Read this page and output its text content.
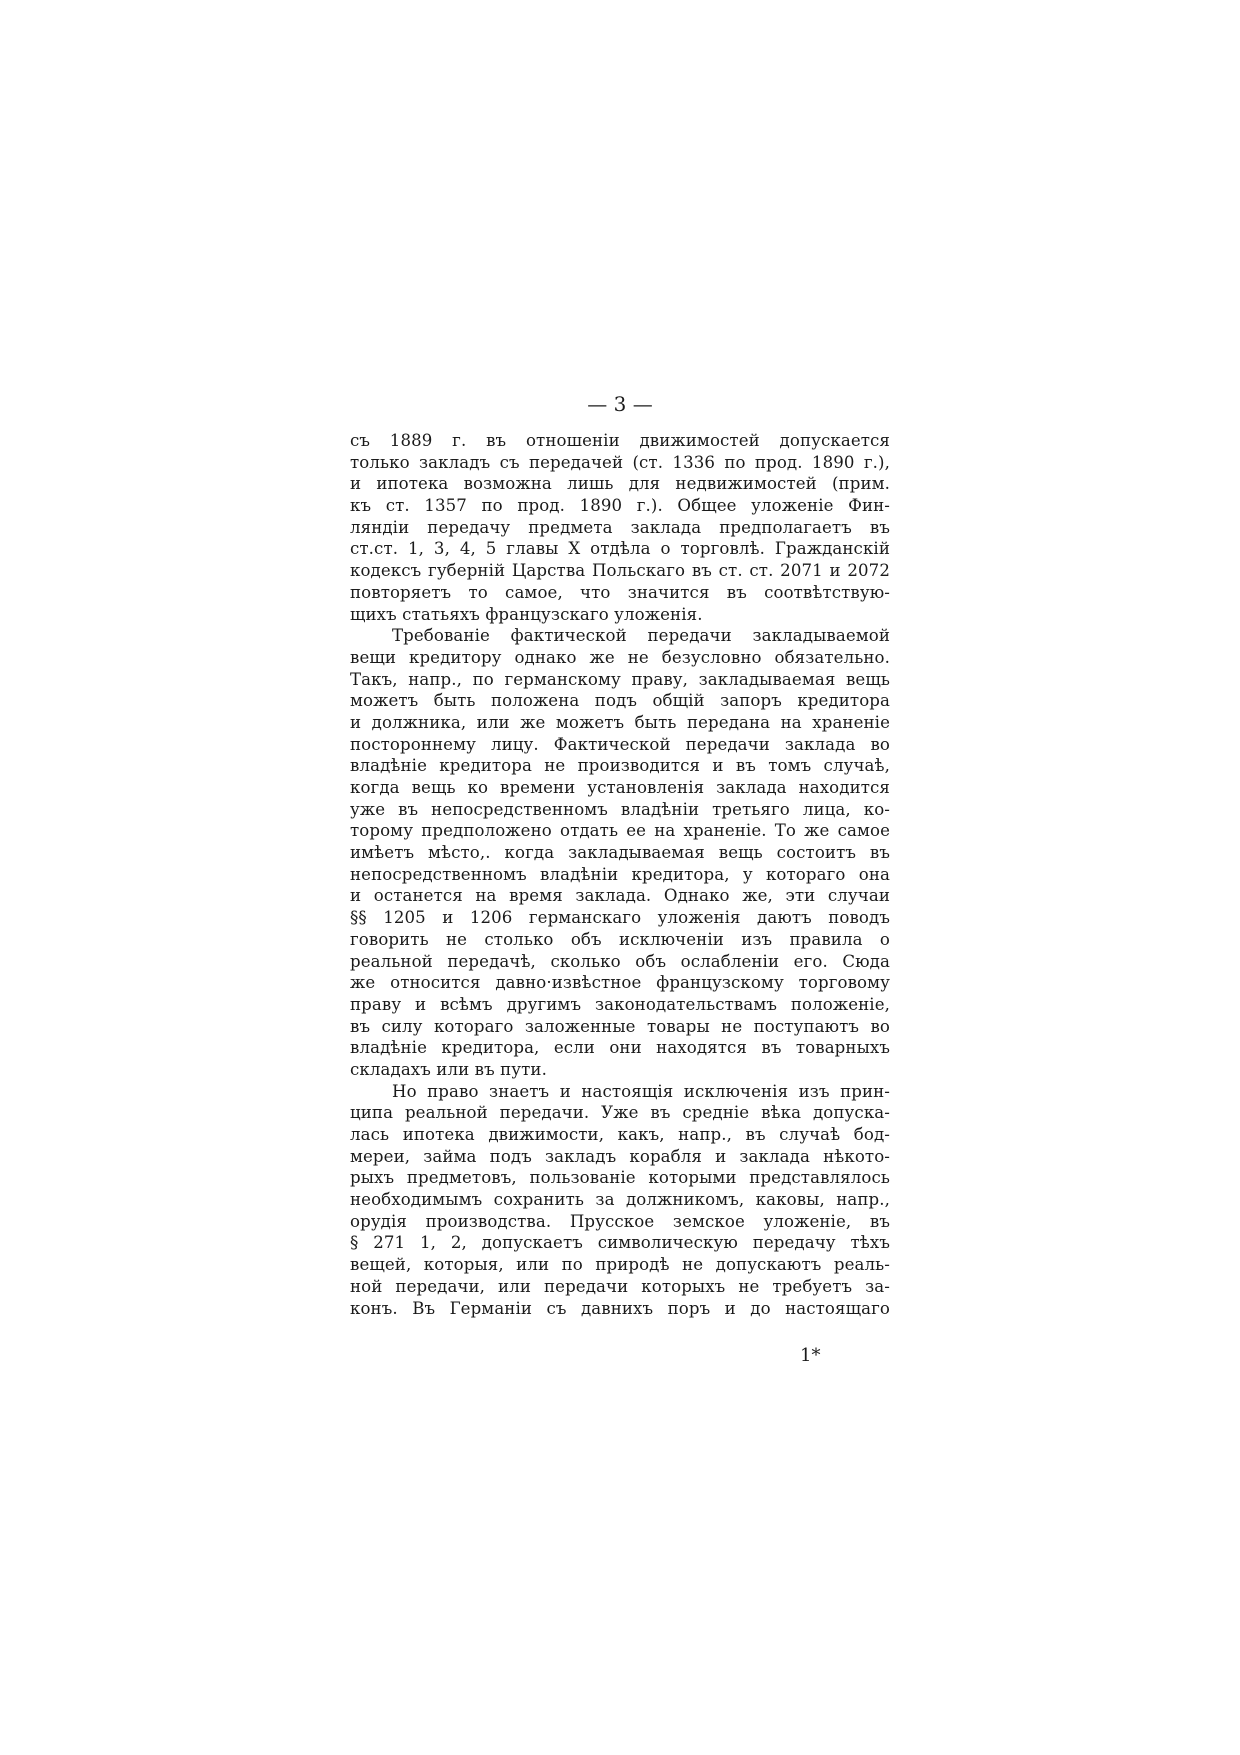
— 3 —
съ 1889 г. въ отношеніи движимостей допускается
только закладъ съ передачей (ст. 1336 по прод. 1890 г.),
и ипотека возможна лишь для недвижимостей (прим.
къ ст. 1357 по прод. 1890 г.). Общее уложеніе Фин-
ляндіи передачу предмета заклада предполагаетъ въ
ст.ст. 1, 3, 4, 5 главы X отдѣла о торговлѣ. Гражданскій
кодексъ губерній Царства Польскаго въ ст. ст. 2071 и 2072
повторяетъ то самое, что значится въ соотвѣтствую-
щихъ статьяхъ французскаго уложенія.
Требованіе фактической передачи закладываемой
вещи кредитору однако же не безусловно обязательно.
Такъ, напр., по германскому праву, закладываемая вещь
можетъ быть положена подъ общій запоръ кредитора
и должника, или же можетъ быть передана на храненіе
постороннему лицу. Фактической передачи заклада во
владѣніе кредитора не производится и въ томъ случаѣ,
когда вещь ко времени установленія заклада находится
уже въ непосредственномъ владѣніи третьяго лица, ко-
торому предположено отдать ее на храненіе. То же самое
имѣетъ мѣсто,. когда закладываемая вещь состоитъ въ
непосредственномъ владѣніи кредитора, у котораго она
и останется на время заклада. Однако же, эти случаи
§§ 1205 и 1206 германскаго уложенія даютъ поводъ
говорить не столько объ исключеніи изъ правила о
реальной передачѣ, сколько объ ослабленіи его. Сюда
же относится давно·извѣстное французскому торговому
праву и всѣмъ другимъ законодательствамъ положеніе,
въ силу котораго заложенные товары не поступаютъ во
владѣніе кредитора, если они находятся въ товарныхъ
складахъ или въ пути.
Но право знаетъ и настоящія исключенія изъ прин-
ципа реальной передачи. Уже въ средніе вѣка допуска-
лась ипотека движимости, какъ, напр., въ случаѣ бод-
мереи, займа подъ закладъ корабля и заклада нѣкото-
рыхъ предметовъ, пользованіе которыми представлялось
необходимымъ сохранить за должникомъ, каковы, напр.,
орудія производства. Прусское земское уложеніе, въ
§ 271 1, 2, допускаетъ символическую передачу тѣхъ
вещей, которыя, или по природѣ не допускаютъ реаль-
ной передачи, или передачи которыхъ не требуетъ за-
конъ. Въ Германіи съ давнихъ поръ и до настоящаго
1*
